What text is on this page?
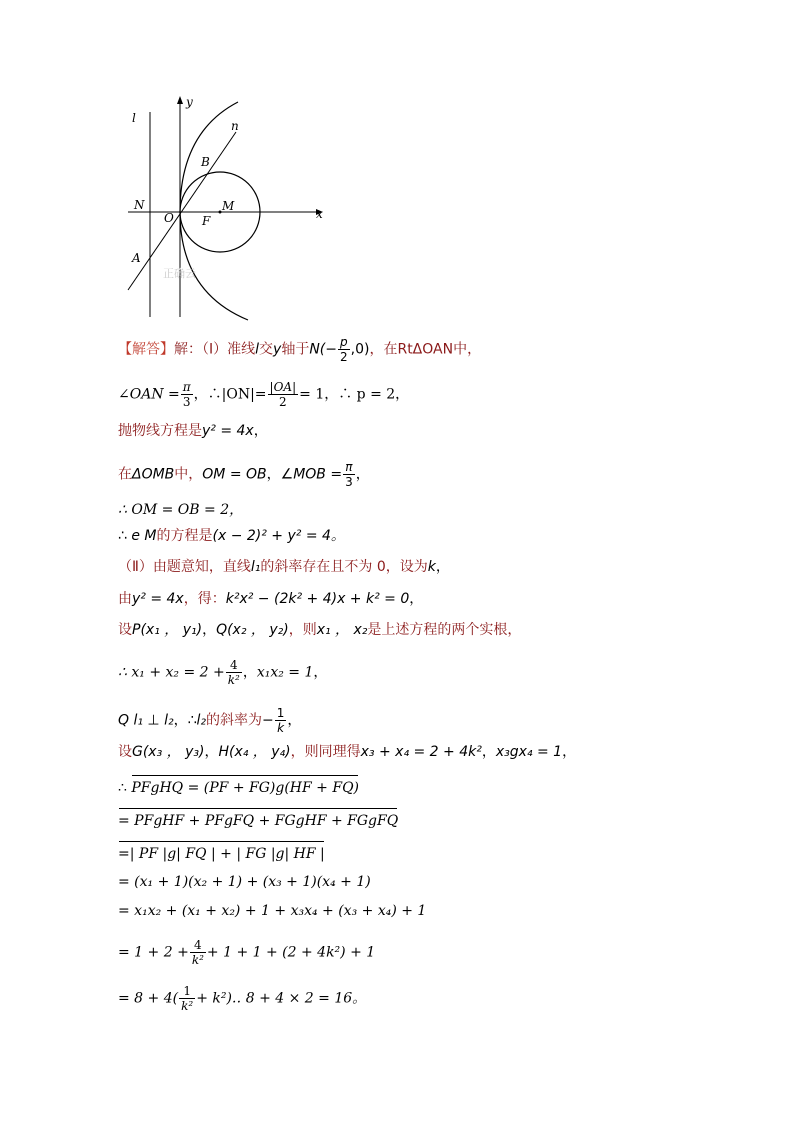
l
y
n
B
N
O F
M
x
A
正确云
【解答】解：（Ⅰ）准线l交y轴于$N(- \frac{p}{2} ,0)$，在RtΔOAN中，
∠OAN = $\frac{\pi}{3}$ ，∴|ON|= $\frac{|OA|}{2} = 1$，∴ p = 2，
抛物线方程是y² = 4x，
在ΔOMB中，OM = OB，∠MOB = $\frac{\pi}{3}$ ，
∴ OM = OB = 2，
∴ e M的方程是(x − 2)² + y² = 4。
（Ⅱ）由题意知，直线l₁的斜率存在且不为 0，设为k，
由y² = 4x，得：k²x² − (2k² + 4)x + k² = 0，
设P(x₁ ， y₁)，Q(x₂ ， y₂)，则x₁ ， x₂是上述方程的两个实根，
∴ $x_1 + x_2 = 2 + \frac{4}{\text{k²}}$ ，x₁x₂ = 1，
Q l₁ ⊥ l₂，∴l₂的斜率为− $\frac{1}{k}$ ，
设G(x₃ ， y₃)，H(x₄ ， y₄)，则同理得x₃ + x₄ = 2 + 4k²，x₃gx₄ = 1，
∴ PFgHQ = (PF + FG)g(HF + FQ)
= PFgHF + PFgFQ + FGgHF + FGgFQ
=| PF |g| FQ | + | FG |g| HF |
= (x₁ + 1)(x₂ + 1) + (x₃ + 1)(x₄ + 1)
= x₁x₂ + (x₁ + x₂) + 1 + x₃x₄ + (x₃ + x₄) + 1
= $1 + 2 + \frac{4}{\text{k²}} + 1 + 1 + (2 + 4k^2) + 1$
= $8 + 4( \frac{1}{\text{k²}}$ + k²)‥ 8 + 4 × 2 = 16。
